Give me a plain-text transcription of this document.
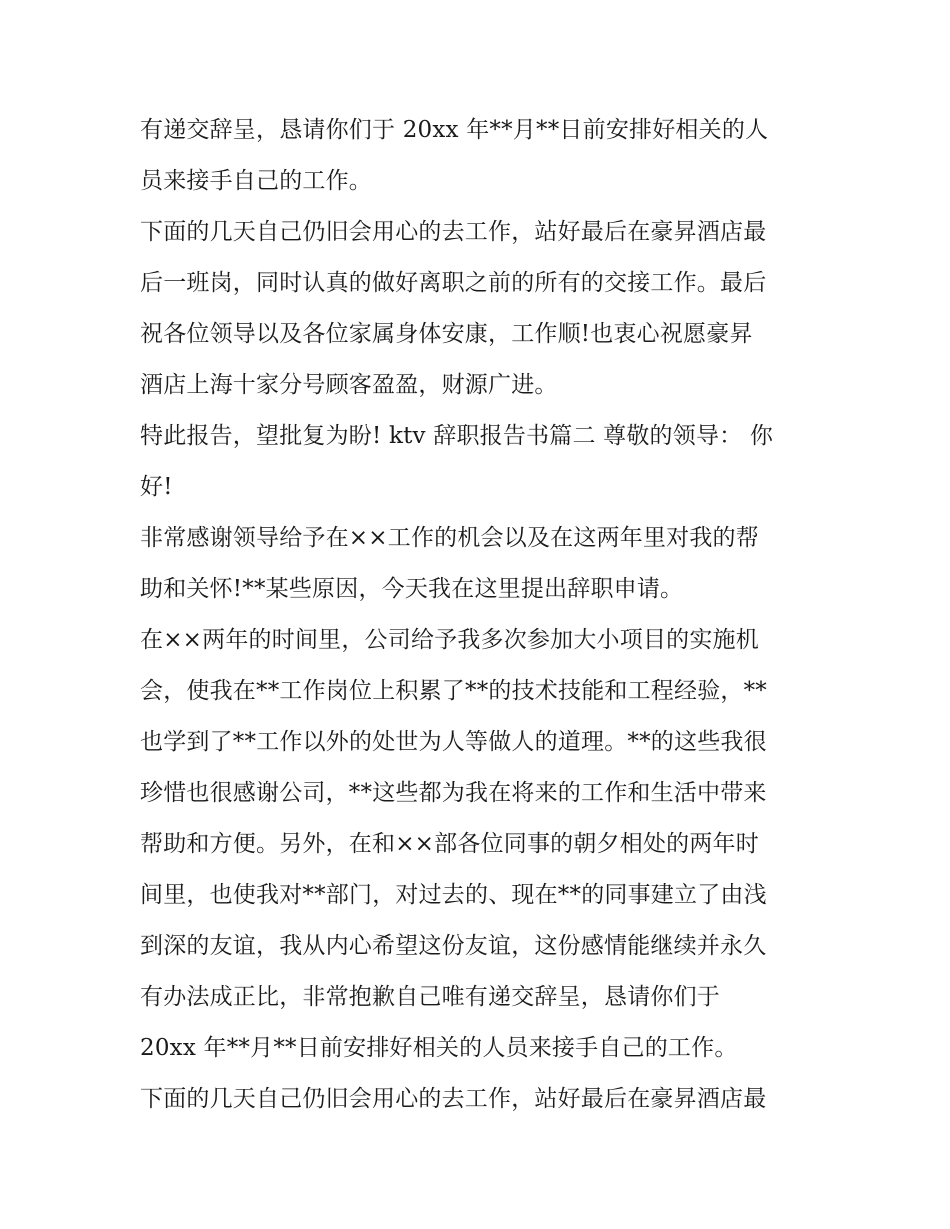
有递交辞呈，恳请你们于 20xx 年**月**日前安排好相关的人
员来接手自己的工作。
下面的几天自己仍旧会用心的去工作，站好最后在豪昇酒店最
后一班岗，同时认真的做好离职之前的所有的交接工作。最后
祝各位领导以及各位家属身体安康，工作顺!也衷心祝愿豪昇
酒店上海十家分号顾客盈盈，财源广进。
特此报告，望批复为盼! ktv 辞职报告书篇二 尊敬的领导： 你
好!
非常感谢领导给予在××工作的机会以及在这两年里对我的帮
助和关怀!**某些原因，今天我在这里提出辞职申请。
在××两年的时间里，公司给予我多次参加大小项目的实施机
会，使我在**工作岗位上积累了**的技术技能和工程经验，**
也学到了**工作以外的处世为人等做人的道理。**的这些我很
珍惜也很感谢公司，**这些都为我在将来的工作和生活中带来
帮助和方便。另外，在和××部各位同事的朝夕相处的两年时
间里，也使我对**部门，对过去的、现在**的同事建立了由浅
到深的友谊，我从内心希望这份友谊，这份感情能继续并永久
有办法成正比，非常抱歉自己唯有递交辞呈，恳请你们于
20xx 年**月**日前安排好相关的人员来接手自己的工作。
下面的几天自己仍旧会用心的去工作，站好最后在豪昇酒店最
